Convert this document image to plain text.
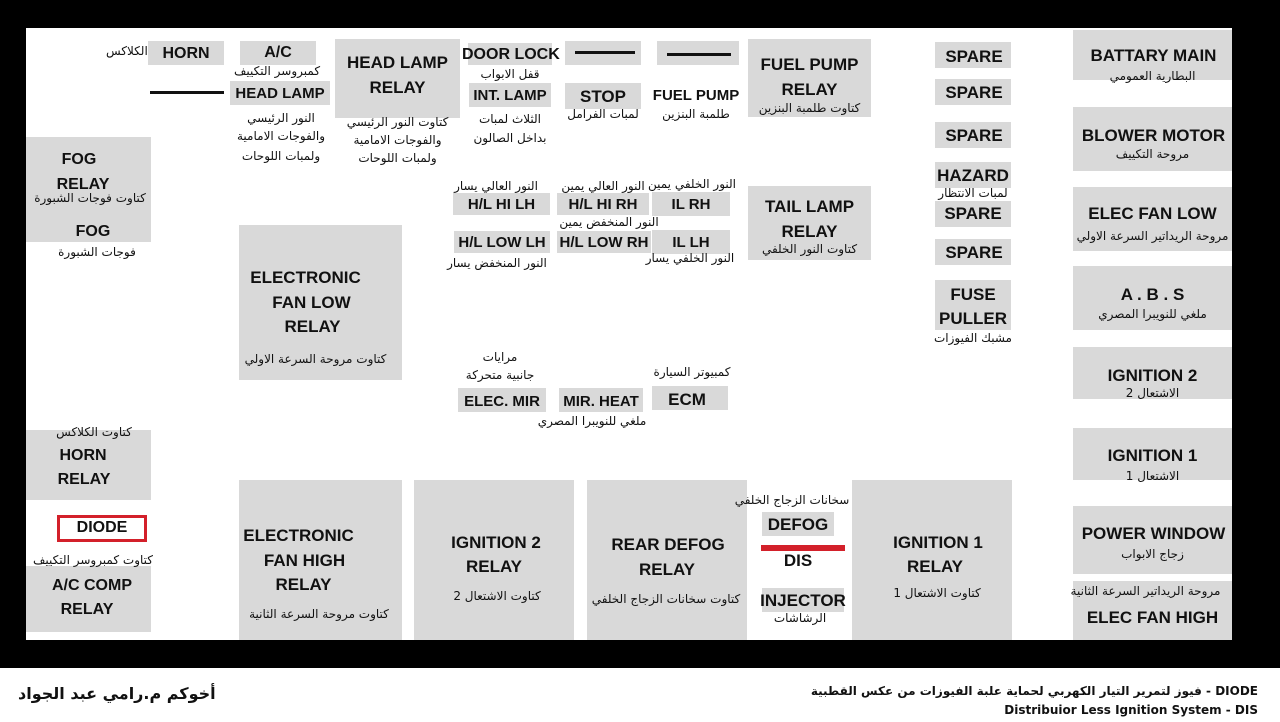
الكلاكس HORN
FOG
RELAY
كتاوت فوجات الشبورة
FOG
فوجات الشبورة
كتاوت الكلاكس
HORN
RELAY
DIODE
كتاوت كمبروسر التكييف
A/C COMP
RELAY
A/C
كمبروسر التكييف
HEAD LAMP
النور الرئيسي
والفوجات الامامية
ولمبات اللوحات
HEAD LAMP
RELAY
كتاوت النور الرئيسي
والفوجات الامامية
ولمبات اللوحات
DOOR LOCK
قفل الابواب
INT. LAMP
الثلاث لمبات
بداخل الصالون
STOP
لمبات الفرامل
FUEL PUMP
طلمبة البنزين
FUEL PUMP
RELAY
كتاوت طلمبة البنزين
النور العالي يسار
H/L HI LH
النور العالي يمين
H/L HI RH
النور الخلفي يمين
IL RH
النور المنخفض يمين
H/L LOW LH H/L LOW RH	IL LH
النور المنخفض يسار	النور الخلفي يسار
TAIL LAMP
RELAY
كتاوت النور الخلفي
ELECTRONIC
FAN LOW
RELAY
كتاوت مروحة السرعة الاولي	مرايات
جانبية متحركة
ELEC. MIR	MIR. HEAT
ملغي للنويبرا المصري
كمبيوتر السيارة
ECM
ELECTRONIC
FAN HIGH
RELAY
كتاوت مروحة السرعة الثانية
IGNITION 2
RELAY
كتاوت الاشتعال 2
REAR DEFOG
RELAY
كتاوت سخانات الزجاج الخلفي
سخانات الزجاج الخلفي
DEFOG
DIS
INJECTOR
الرشاشات
IGNITION 1
RELAY
كتاوت الاشتعال 1
SPARE
SPARE
SPARE
HAZARD
لمبات الانتظار
SPARE
SPARE
FUSE
PULLER
مشبك الفيوزات
BATTARY MAIN
البطارية العمومي
BLOWER MOTOR
مروحة التكييف
ELEC FAN LOW
مروحة الريداتير السرعة الاولي
A . B . S
ملغي للنويبرا المصري
IGNITION 2
الاشتعال 2
IGNITION 1
الاشتعال 1
POWER WINDOW
زجاج الابواب
مروحة الريداتير السرعة الثانية
ELEC FAN HIGH
أخوكم م.رامي عبد الجواد	DIODE - فيوز لتمرير التيار الكهربي لحماية علبة الفيوزات من عكس القطبية
Distribuior Less Ignition System - DIS
